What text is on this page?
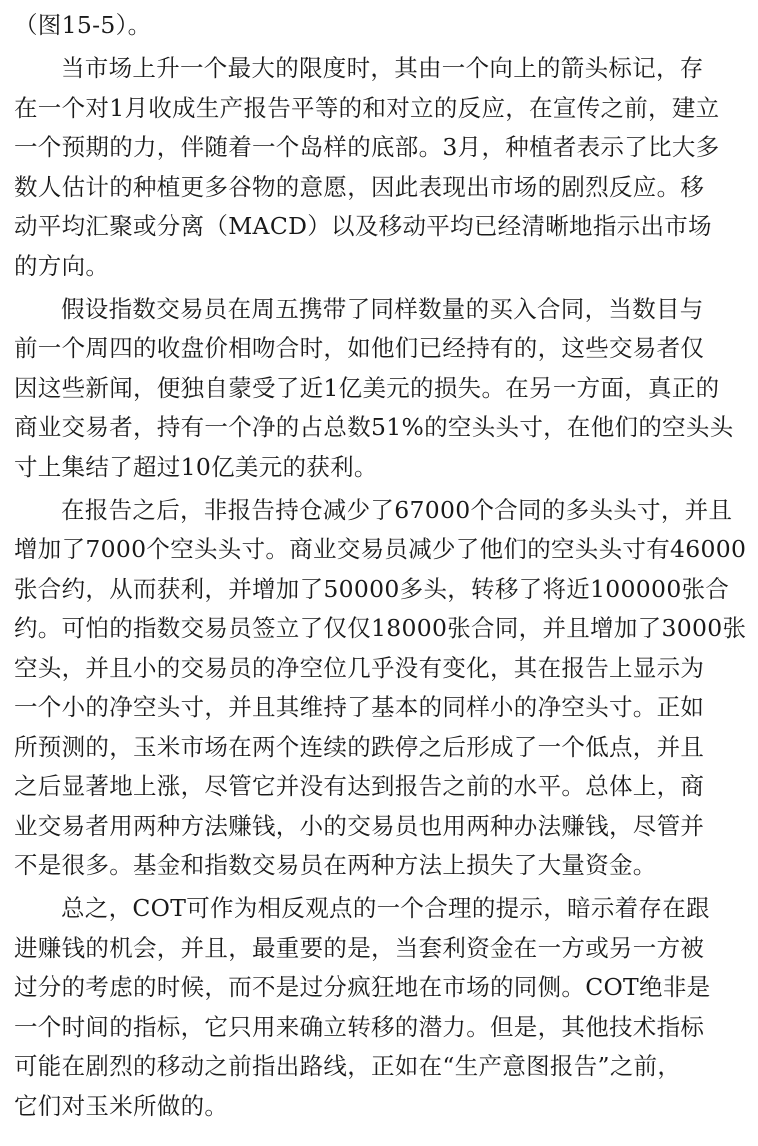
（图15-5）。
当市场上升一个最大的限度时，其由一个向上的箭头标记，存
在一个对1月收成生产报告平等的和对立的反应，在宣传之前，建立
一个预期的力，伴随着一个岛样的底部。3月，种植者表示了比大多
数人估计的种植更多谷物的意愿，因此表现出市场的剧烈反应。移
动平均汇聚或分离（MACD）以及移动平均已经清晰地指示出市场
的方向。
假设指数交易员在周五携带了同样数量的买入合同，当数目与
前一个周四的收盘价相吻合时，如他们已经持有的，这些交易者仅
因这些新闻，便独自蒙受了近1亿美元的损失。在另一方面，真正的
商业交易者，持有一个净的占总数51%的空头头寸，在他们的空头头
寸上集结了超过10亿美元的获利。
在报告之后，非报告持仓减少了67000个合同的多头头寸，并且
增加了7000个空头头寸。商业交易员减少了他们的空头头寸有46000
张合约，从而获利，并增加了50000多头，转移了将近100000张合
约。可怕的指数交易员签立了仅仅18000张合同，并且增加了3000张
空头，并且小的交易员的净空位几乎没有变化，其在报告上显示为
一个小的净空头寸，并且其维持了基本的同样小的净空头寸。正如
所预测的，玉米市场在两个连续的跌停之后形成了一个低点，并且
之后显著地上涨，尽管它并没有达到报告之前的水平。总体上，商
业交易者用两种方法赚钱，小的交易员也用两种办法赚钱，尽管并
不是很多。基金和指数交易员在两种方法上损失了大量资金。
总之，COT可作为相反观点的一个合理的提示，暗示着存在跟
进赚钱的机会，并且，最重要的是，当套利资金在一方或另一方被
过分的考虑的时候，而不是过分疯狂地在市场的同侧。COT绝非是
一个时间的指标，它只用来确立转移的潜力。但是，其他技术指标
可能在剧烈的移动之前指出路线，正如在“生产意图报告”之前，
它们对玉米所做的。
